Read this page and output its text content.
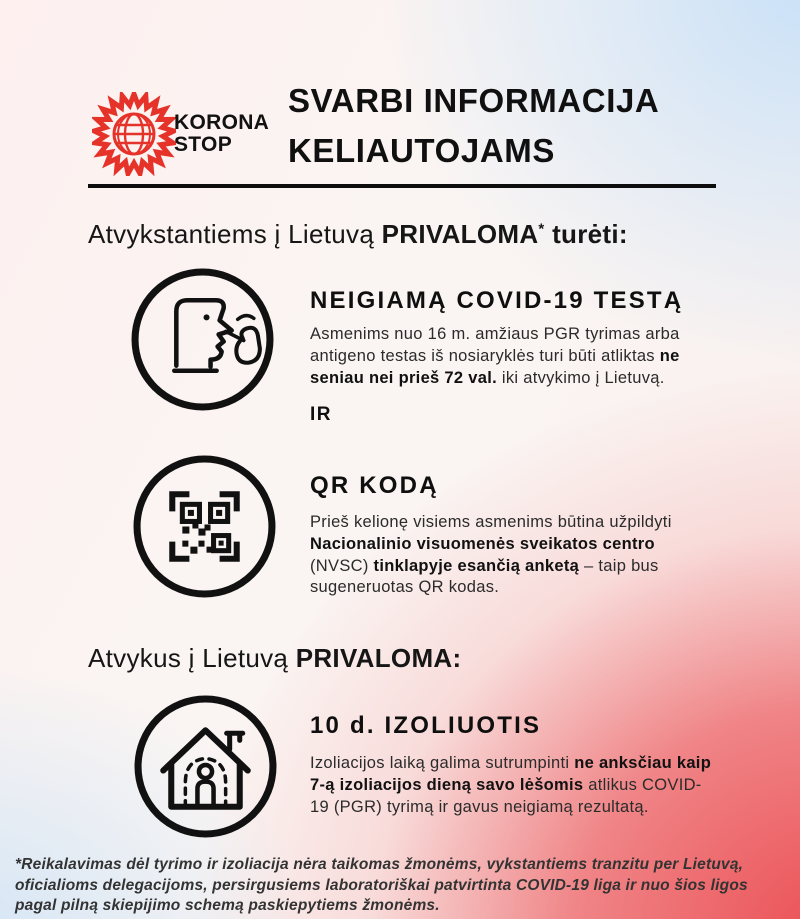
KORONA
STOP
SVARBI INFORMACIJA
KELIAUTOJAMS
Atvykstantiems į Lietuvą PRIVALOMA* turėti:
NEIGIAMĄ COVID-19 TESTĄ
Asmenims nuo 16 m. amžiaus PGR tyrimas arba antigeno testas iš nosiaryklės turi būti atliktas ne seniau nei prieš 72 val. iki atvykimo į Lietuvą.
IR
QR KODĄ
Prieš kelionę visiems asmenims būtina užpildyti Nacionalinio visuomenės sveikatos centro (NVSC) tinklapyje esančią anketą – taip bus sugeneruotas QR kodas.
Atvykus į Lietuvą PRIVALOMA:
10 d. IZOLIUOTIS
Izoliacijos laiką galima sutrumpinti ne anksčiau kaip 7-ą izoliacijos dieną savo lėšomis atlikus COVID-19 (PGR) tyrimą ir gavus neigiamą rezultatą.
*Reikalavimas dėl tyrimo ir izoliacija nėra taikomas žmonėms, vykstantiems tranzitu per Lietuvą, oficialioms delegacijoms, persirgusiems laboratoriškai patvirtinta COVID-19 liga ir nuo šios ligos pagal pilną skiepijimo schemą paskiepytiems žmonėms.
